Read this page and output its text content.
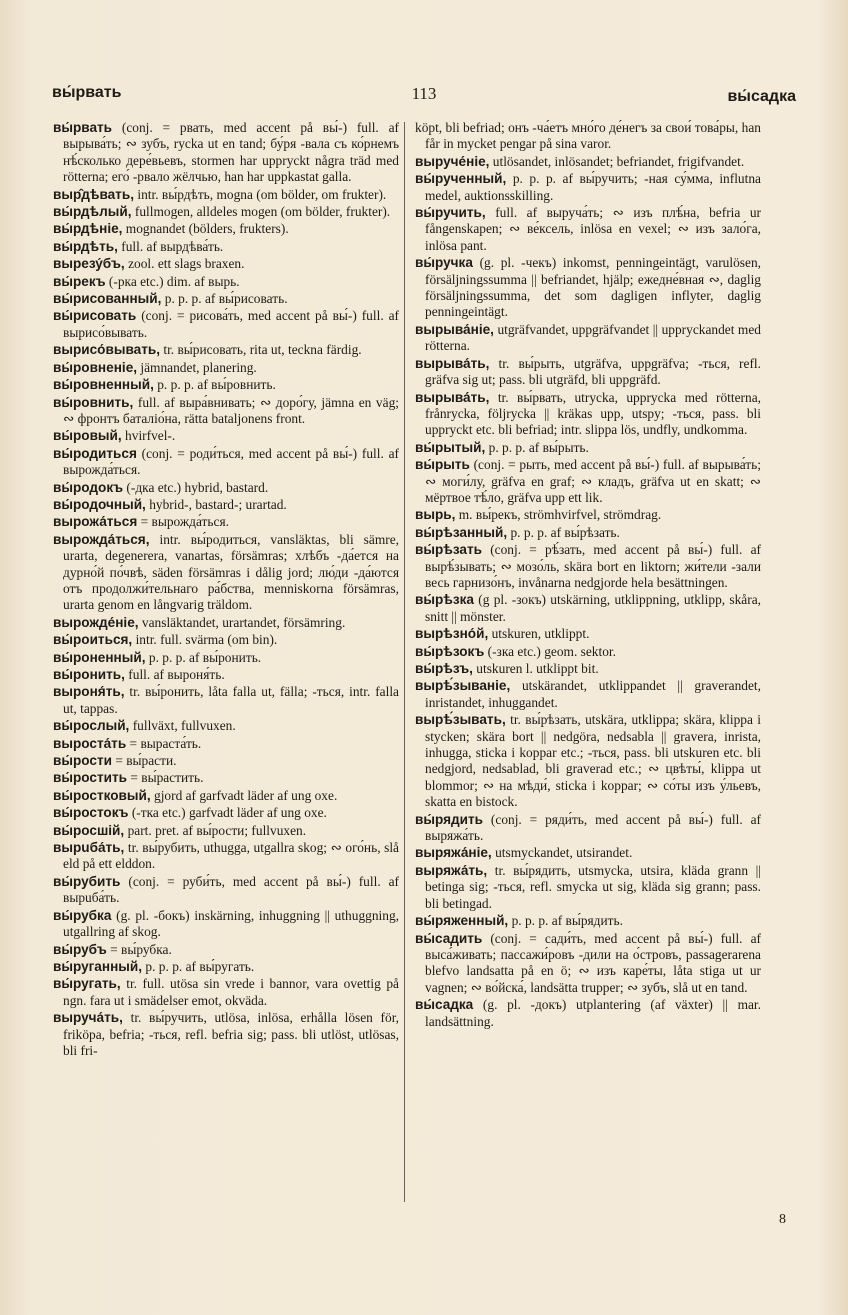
вы́рвать	113	вы́садка
вы́рвать (conj. = рвать, med accent på вы́-) full. af вырыва́ть; ∾ зубъ, rycka ut en tand; бу́ря -вала съ ко́рнемъ нѣ́сколько дере́вьевъ, stormen har uppryckt några träd med rötterna; его́ -рвало жёлчью, han har uppkastat galla.
выр̂дѣвать, intr. вы́рдѣть, mogna (om bölder, om frukter).
вы́рдѣлый, fullmogen, alldeles mogen (om bölder, frukter).
вы́рдѣніе, mognandet (bölders, frukters).
вы́рдѣть, full. af вырдѣва́ть.
вырезу́бъ, zool. ett slags braxen.
вы́рекъ (-рка etc.) dim. af вырь.
вы́рисованный, p. p. p. af вы́рисовать.
вы́рисовать (conj. = рисова́ть, med accent på вы́-) full. af вырисо́вывать.
вырисо́вывать, tr. вы́рисовать, rita ut, teckna färdig.
вы́ровненіе, jämnandet, planering.
вы́ровненный, p. p. p. af вы́ровнить.
вы́ровнить, full. af выра́внивать; ∾ доро́гу, jämna en väg; ∾ фронтъ баталіо́на, rätta bataljonens front.
вы́ровый, hvirfvel-.
вы́родиться (conj. = роди́ться, med accent på вы́-) full. af вырожда́ться.
вы́родокъ (-дка etc.) hybrid, bastard.
вы́родочный, hybrid-, bastard-; urartad.
вырожа́ться = вырожда́ться.
вырожда́ться, intr. вы́родиться, vansläktas, bli sämre, urarta, degenerera, vanartas, försämras; хлѣбъ -да́ется на дурно́й по́чвѣ, säden försämras i dålig jord; лю́ди -да́ются отъ продолжи́тельнаго ра́бства, menniskorna försämras, urarta genom en långvarig träldom.
вырожде́ніе, vansläktandet, urartandet, försämring.
вы́роиться, intr. full. svärma (om bin).
вы́роненный, p. p. p. af вы́ронить.
вы́ронить, full. af выроня́ть.
выроня́ть, tr. вы́ронить, låta falla ut, fälla; -ться, intr. falla ut, tappas.
вы́рослый, fullväxt, fullvuxen.
выроста́ть = выраста́ть.
вы́рости = вы́расти.
вы́ростить = вы́растить.
вы́ростковый, gjord af garfvadt läder af ung oxe.
вы́ростокъ (-тка etc.) garfvadt läder af ung oxe.
вы́росшій, part. pret. af вы́рости; fullvuxen.
вырuба́ть, tr. вы́рубить, uthugga, utgallra skog; ∾ ого́нь, slå eld på ett elddon.
вы́рубить (conj. = руби́ть, med accent på вы́-) full. af вырuба́ть.
вы́рубка (g. pl. -бокъ) inskärning, inhuggning || uthuggning, utgallring af skog.
вы́рубъ = вы́рубка.
вы́руганный, p. p. p. af вы́ругать.
вы́ругать, tr. full. utösa sin vrede i bannor, vara ovettig på ngn. fara ut i smädelser emot, okväda.
выруча́ть, tr. вы́ручить, utlösa, inlösa, erhålla lösen för, friköpa, befria; -ться, refl. befria sig; pass. bli utlöst, utlösas, bli fri-
köpt, bli befriad; онъ -ча́етъ мно́го де́негъ за свои́ това́ры, han får in mycket pengar på sina varor.
выруче́ніе, utlösandet, inlösandet; befriandet, frigifvandet.
вы́рученный, p. p. p. af вы́ручить; -ная су́мма, influtna medel, auktionsskilling.
вы́ручить, full. af выруча́ть; ∾ изъ плѣ́на, befria ur fångenskapen; ∾ ве́ксель, inlösa en vexel; ∾ изъ зало́га, inlösa pant.
вы́ручка (g. pl. -чекъ) inkomst, penningeintägt, varulösen, försäljningssumma || befriandet, hjälp; ежедне́вная ∾, daglig försäljningssumma, det som dagligen inflyter, daglig penningeintägt.
вырыва́ніе, utgräfvandet, uppgräfvandet || uppryckandet med rötterna.
вырыва́ть, tr. вы́рыть, utgräfva, uppgräfva; -ться, refl. gräfva sig ut; pass. bli utgräfd, bli uppgräfd.
вырыва́ть, tr. вы́рвать, utrycka, upprycka med rötterna, frånrycka, följrycka || kräkas upp, utspy; -ться, pass. bli uppryckt etc. bli befriad; intr. slippa lös, undfly, undkomma.
вы́рытый, p. p. p. af вы́рыть.
вы́рыть (conj. = рыть, med accent på вы́-) full. af вырыва́ть; ∾ моги́лу, gräfva en graf; ∾ кладъ, gräfva ut en skatt; ∾ мёртвое тѣ́ло, gräfva upp ett lik.
вырь, m. вы́рекъ, strömhvirfvel, strömdrag.
вы́рѣзанный, p. p. p. af вы́рѣзать.
вы́рѣзать (conj. = рѣ́зать, med accent på вы́-) full. af вырѣ́зывать; ∾ мозо́ль, skära bort en liktorn; жи́тели -зали весь гарнизо́нъ, invånarna nedgjorde hela besättningen.
вы́рѣзка (g pl. -зокъ) utskärning, utklippning, utklipp, skåra, snitt || mönster.
вырѣзно́й, utskuren, utklippt.
вы́рѣзокъ (-зка etc.) geom. sektor.
вы́рѣзъ, utskuren l. utklippt bit.
вырѣ́зываніе, utskärandet, utklippandet || graverandet, inristandet, inhuggandet.
вырѣ́зывать, tr. вы́рѣзать, utskära, utklippa; skära, klippa i stycken; skära bort || nedgöra, nedsabla || gravera, inrista, inhugga, sticka i koppar etc.; -ться, pass. bli utskuren etc. bli nedgjord, nedsablad, bli graverad etc.; ∾ цвѣты́, klippa ut blommor; ∾ на мѣди́, sticka i koppar; ∾ со́ты изъ у́льевъ, skatta en bistock.
вы́рядить (conj. = ряди́ть, med accent på вы́-) full. af выряжа́ть.
выряжа́ніе, utsmyckandet, utsirandet.
выряжа́ть, tr. вы́рядить, utsmycka, utsira, kläda grann || betinga sig; -ться, refl. smycka ut sig, kläda sig grann; pass. bli betingad.
вы́ряженный, p. p. p. af вы́рядить.
вы́садить (conj. = сади́ть, med accent på вы́-) full. af выса́живать; пассажи́ровъ -дили на о́стровъ, passagerarena blefvo landsatta på en ö; ∾ изъ каре́ты, låta stiga ut ur vagnen; ∾ во́йска́, landsätta trupper; ∾ зубъ, slå ut en tand.
вы́садка (g. pl. -докъ) utplantering (af växter) || mar. landsättning.
8
